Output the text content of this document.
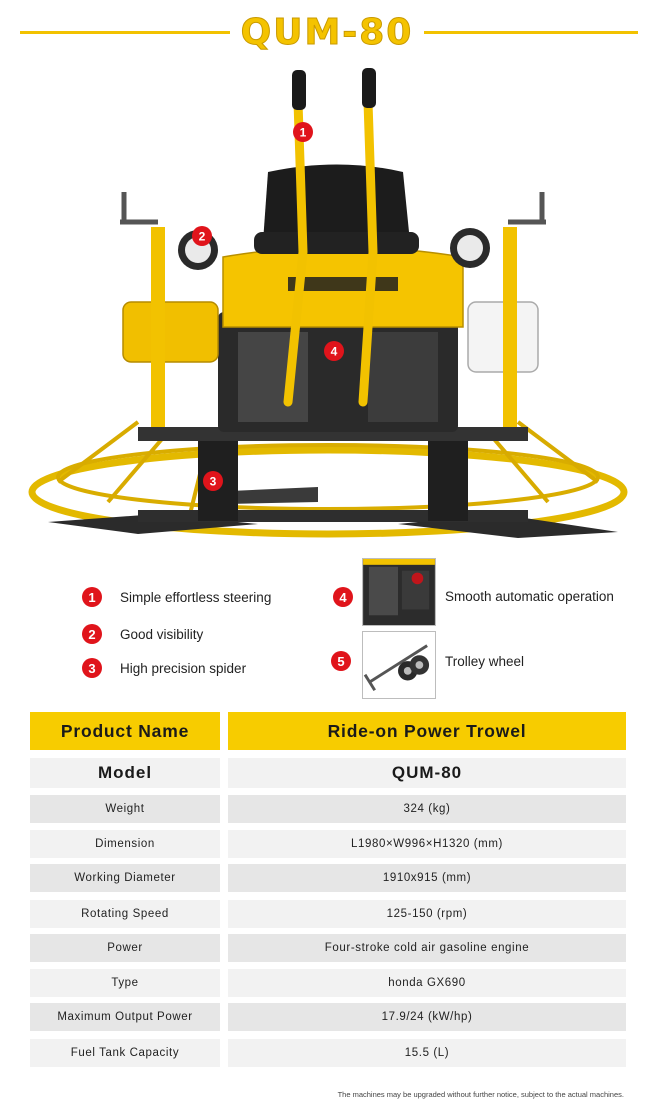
QUM-80
1
2
3
4
1	Simple effortless steering
2	Good visibility
3	High precision spider
4	Smooth automatic operation
5	Trolley wheel
Product Name	Ride-on Power Trowel
Model	QUM-80
Weight	324 (kg)
Dimension	L1980×W996×H1320 (mm)
Working Diameter	1910x915 (mm)
Rotating Speed	125-150 (rpm)
Power	Four-stroke cold air gasoline engine
Type	honda GX690
Maximum Output Power	17.9/24 (kW/hp)
Fuel Tank Capacity	15.5 (L)
The machines may be upgraded without further notice, subject to the actual machines.
